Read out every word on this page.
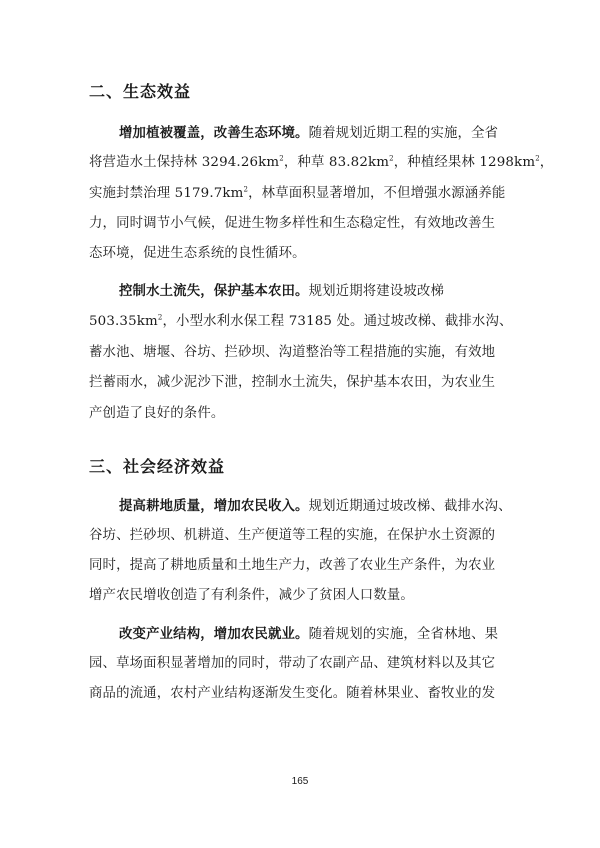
二、生态效益
增加植被覆盖，改善生态环境。随着规划近期工程的实施，全省
将营造水土保持林 $3294.26km^2$，种草 $83.82km^2$，种植经果林 $1298km^2$，
实施封禁治理 $5179.7km^2$，林草面积显著增加，不但增强水源涵养能
力，同时调节小气候，促进生物多样性和生态稳定性，有效地改善生
态环境，促进生态系统的良性循环。
控制水土流失，保护基本农田。规划近期将建设坡改梯
$503.35km^2$，小型水利水保工程 73185 处。通过坡改梯、截排水沟、
蓄水池、塘堰、谷坊、拦砂坝、沟道整治等工程措施的实施，有效地
拦蓄雨水，减少泥沙下泄，控制水土流失，保护基本农田，为农业生
产创造了良好的条件。
三、社会经济效益
提高耕地质量，增加农民收入。规划近期通过坡改梯、截排水沟、
谷坊、拦砂坝、机耕道、生产便道等工程的实施，在保护水土资源的
同时，提高了耕地质量和土地生产力，改善了农业生产条件，为农业
增产农民增收创造了有利条件，减少了贫困人口数量。
改变产业结构，增加农民就业。随着规划的实施，全省林地、果
园、草场面积显著增加的同时，带动了农副产品、建筑材料以及其它
商品的流通，农村产业结构逐渐发生变化。随着林果业、畜牧业的发
165
